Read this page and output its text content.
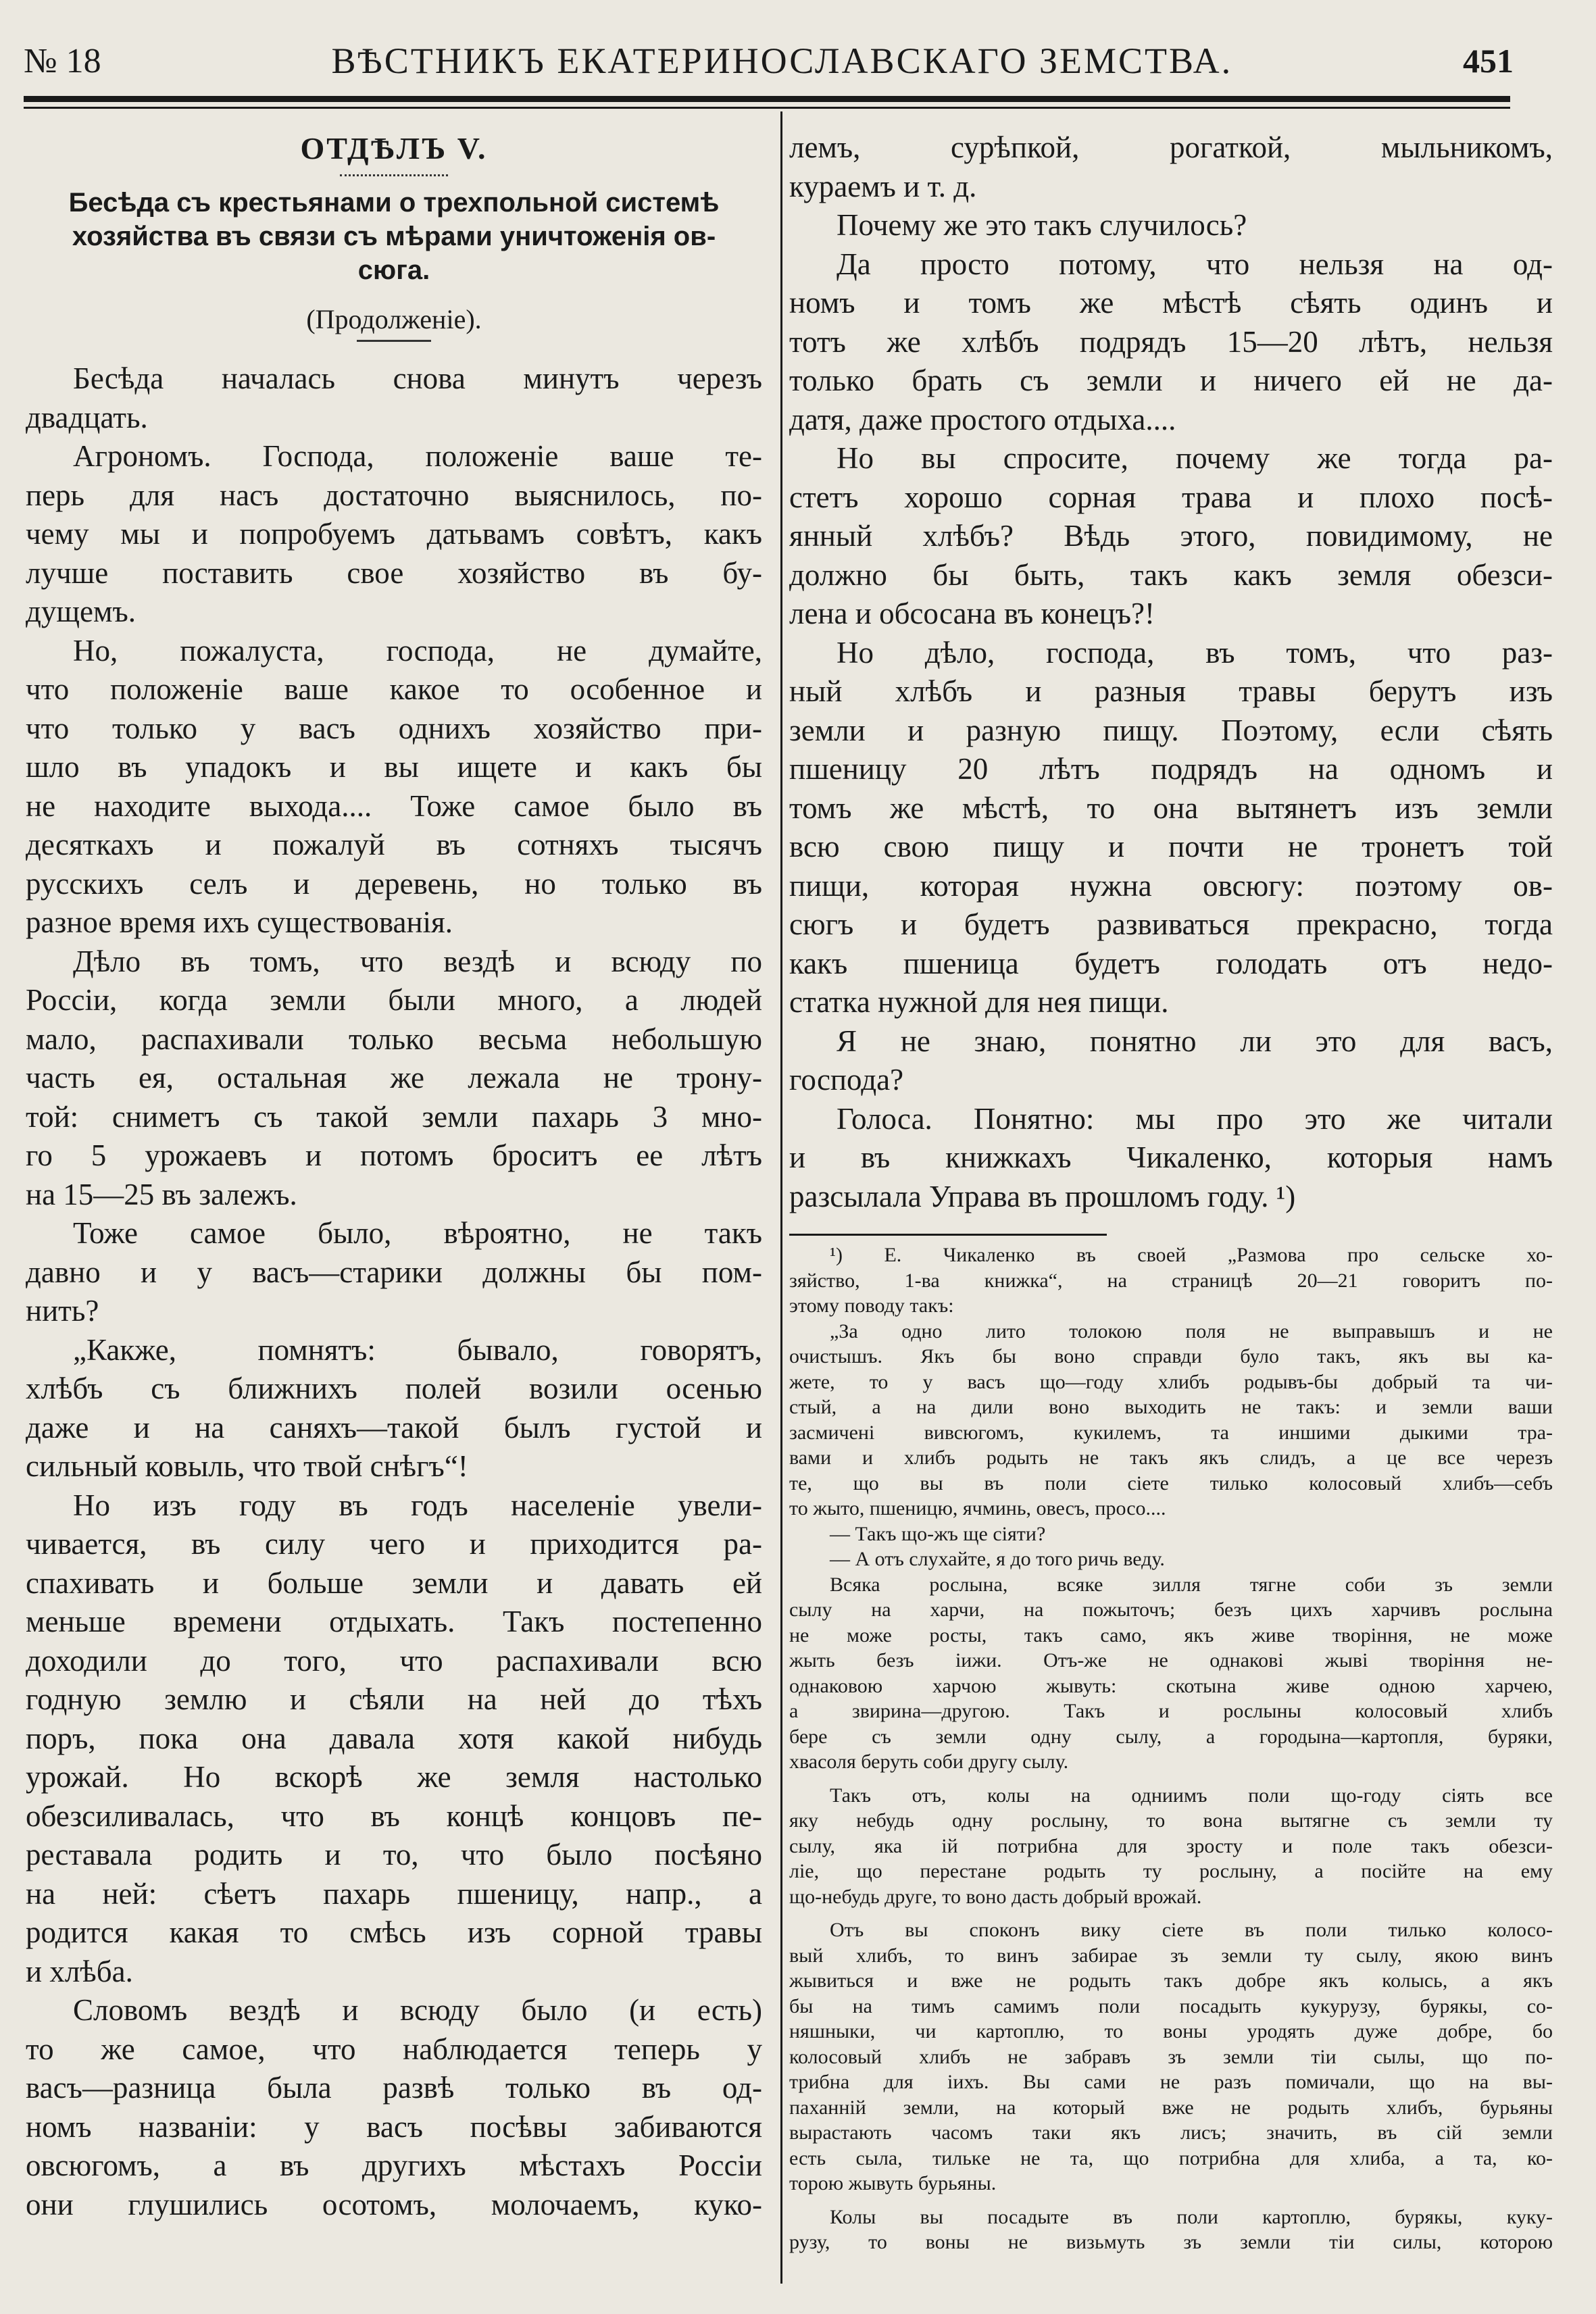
№ 18	ВѢСТНИКЪ ЕКАТЕРИНОСЛАВСКАГО ЗЕМСТВА.	451
ОТДѢЛЪ V.
Бесѣда съ крестьянами о трехпольной системѣ
хозяйства въ связи съ мѣрами уничтоженія ов-
сюга.
(Продолженіе).
Бесѣда началась снова минутъ черезъ
двадцать.
Агрономъ. Господа, положеніе ваше те-
перь для насъ достаточно выяснилось, по-
чему мы и попробуемъ датьвамъ совѣтъ, какъ
лучше поставить свое хозяйство въ бу-
дущемъ.
Но, пожалуста, господа, не думайте,
что положеніе ваше какое то особенное и
что только у васъ однихъ хозяйство при-
шло въ упадокъ и вы ищете и какъ бы
не находите выхода.... Тоже самое было въ
десяткахъ и пожалуй въ сотняхъ тысячъ
русскихъ селъ и деревень, но только въ
разное время ихъ существованія.
Дѣло въ томъ, что вездѣ и всюду по
Россіи, когда земли были много, а людей
мало, распахивали только весьма небольшую
часть ея, остальная же лежала не трону-
той: сниметъ съ такой земли пахарь 3 мно-
го 5 урожаевъ и потомъ броситъ ее лѣтъ
на 15—25 въ залежъ.
Тоже самое было, вѣроятно, не такъ
давно и у васъ—старики должны бы пом-
нить?
„Какже, помнятъ: бывало, говорятъ,
хлѣбъ съ ближнихъ полей возили осенью
даже и на саняхъ—такой былъ густой и
сильный ковыль, что твой снѣгъ“!
Но изъ году въ годъ населеніе увели-
чивается, въ силу чего и приходится ра-
спахивать и больше земли и давать ей
меньше времени отдыхать. Такъ постепенно
доходили до того, что распахивали всю
годную землю и сѣяли на ней до тѣхъ
поръ, пока она давала хотя какой нибудь
урожай. Но вскорѣ же земля настолько
обезсиливалась, что въ концѣ концовъ пе-
реставала родить и то, что было посѣяно
на ней: сѣетъ пахарь пшеницу, напр., а
родится какая то смѣсь изъ сорной травы
и хлѣба.
Словомъ вездѣ и всюду было (и есть)
то же самое, что наблюдается теперь у
васъ—разница была развѣ только въ од-
номъ названіи: у васъ посѣвы забиваются
овсюгомъ, а въ другихъ мѣстахъ Россіи
они глушились осотомъ, молочаемъ, куко-
лемъ, сурѣпкой, рогаткой, мыльникомъ,
кураемъ и т. д.
Почему же это такъ случилось?
Да просто потому, что нельзя на од-
номъ и томъ же мѣстѣ сѣять одинъ и
тотъ же хлѣбъ подрядъ 15—20 лѣтъ, нельзя
только брать съ земли и ничего ей не да-
датя, даже простого отдыха....
Но вы спросите, почему же тогда ра-
стетъ хорошо сорная трава и плохо посѣ-
янный хлѣбъ? Вѣдь этого, повидимому, не
должно бы быть, такъ какъ земля обезси-
лена и обсосана въ конецъ?!
Но дѣло, господа, въ томъ, что раз-
ный хлѣбъ и разныя травы берутъ изъ
земли и разную пищу. Поэтому, если сѣять
пшеницу 20 лѣтъ подрядъ на одномъ и
томъ же мѣстѣ, то она вытянетъ изъ земли
всю свою пищу и почти не тронетъ той
пищи, которая нужна овсюгу: поэтому ов-
сюгъ и будетъ развиваться прекрасно, тогда
какъ пшеница будетъ голодать отъ недо-
статка нужной для нея пищи.
Я не знаю, понятно ли это для васъ,
господа?
Голоса. Понятно: мы про это же читали
и въ книжкахъ Чикаленко, которыя намъ
разсылала Управа въ прошломъ году. ¹)
¹) Е. Чикаленко въ своей „Размова про сельске хо-
зяйство, 1-ва книжка“, на страницѣ 20—21 говоритъ по-
этому поводу такъ:
„За одно лито толокою поля не выправышъ и не
очистышъ. Якъ бы воно справди було такъ, якъ вы ка-
жете, то у васъ що—году хлибъ родывъ-бы добрый та чи-
стый, а на дили воно выходить не такъ: и земли ваши
засмиченi вивсюгомъ, кукилемъ, та иншими дыкими тра-
вами и хлибъ родыть не такъ якъ слидъ, а це все черезъ
те, що вы въ поли сiете тилько колосовый хлибъ—себъ
то жыто, пшеницю, ячминь, овесъ, просо....
— Такъ що-жъ ще сiяти?
— А отъ слухайте, я до того ричь веду.
Всяка рослына, всяке зилля тягне соби зъ земли
сылу на харчи, на пожыточъ; безъ цихъ харчивъ рослына
не може росты, такъ само, якъ живе творiння, не може
жыть безъ iижи. Отъ-же не однаковi жывi творiння не-
однаковою харчою жывуть: скотына живе одною харчею,
а звирина—другою. Такъ и рослыны колосовый хлибъ
бере съ земли одну сылу, а городына—картопля, буряки,
хвасоля беруть соби другу сылу.
Такъ отъ, колы на одниимъ поли що-году сiять все
яку небудь одну рослыну, то вона вытягне съ земли ту
сылу, яка iй потрибна для зросту и поле такъ обезси-
лiе, що перестане родыть ту рослыну, а посiйте на ему
що-небудь друге, то воно дасть добрый врожай.
Отъ вы споконъ вику сiете въ поли тилько колосо-
вый хлибъ, то винъ забирае зъ земли ту сылу, якою винъ
жывиться и вже не родыть такъ добре якъ колысь, а якъ
бы на тимъ самимъ поли посадыть кукурузу, бурякы, со-
няшныки, чи картоплю, то воны уродять дуже добре, бо
колосовый хлибъ не забравъ зъ земли тiи сылы, що по-
трибна для iихъ. Вы сами не разъ помичали, що на вы-
паханнiй земли, на который вже не родыть хлибъ, бурьяны
вырастають часомъ таки якъ лисъ; значить, въ сiй земли
есть сыла, тилькe не та, що потрибна для хлиба, а та, ко-
торою жывуть бурьяны.
Колы вы посадыте въ поли картоплю, бурякы, куку-
рузу, то воны не визьмуть зъ земли тiи силы, которою
